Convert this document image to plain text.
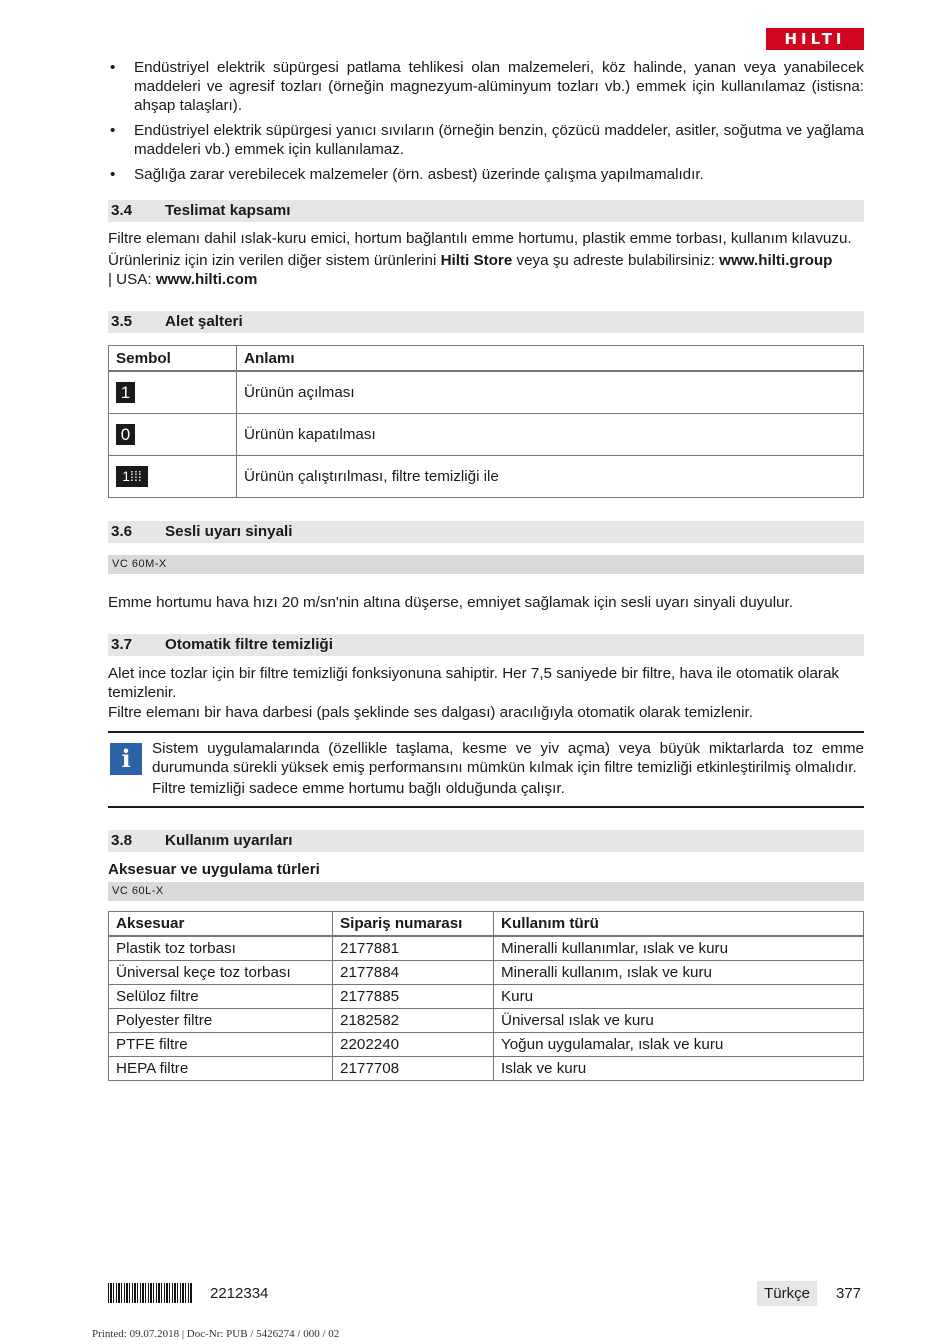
HILTI
• Endüstriyel elektrik süpürgesi patlama tehlikesi olan malzemeleri, köz halinde, yanan veya yanabilecek maddeleri ve agresif tozları (örneğin magnezyum-alüminyum tozları vb.) emmek için kullanılamaz (istisna: ahşap talaşları).
• Endüstriyel elektrik süpürgesi yanıcı sıvıların (örneğin benzin, çözücü maddeler, asitler, soğutma ve yağlama maddeleri vb.) emmek için kullanılamaz.
• Sağlığa zarar verebilecek malzemeler (örn. asbest) üzerinde çalışma yapılmamalıdır.
3.4 Teslimat kapsamı

Filtre elemanı dahil ıslak-kuru emici, hortum bağlantılı emme hortumu, plastik emme torbası, kullanım kılavuzu.

Ürünleriniz için izin verilen diğer sistem ürünlerini Hilti Store veya şu adreste bulabilirsiniz: www.hilti.group
| USA: www.hilti.com

3.5 Alet şalteri
Sembol	Anlamı
1	Ürünün açılması
0	Ürünün kapatılması
1⁞⁞⁞	Ürünün çalıştırılması, filtre temizliği ile
3.6 Sesli uyarı sinyali
VC 60M-X

Emme hortumu hava hızı 20 m/sn'nin altına düşerse, emniyet sağlamak için sesli uyarı sinyali duyulur.

3.7 Otomatik filtre temizliği

Alet ince tozlar için bir filtre temizliği fonksiyonuna sahiptir. Her 7,5 saniyede bir filtre, hava ile otomatik olarak temizlenir.

Filtre elemanı bir hava darbesi (pals şeklinde ses dalgası) aracılığıyla otomatik olarak temizlenir.

i	Sistem uygulamalarında (özellikle taşlama, kesme ve yiv açma) veya büyük miktarlarda toz emme durumunda sürekli yüksek emiş performansını mümkün kılmak için filtre temizliği etkinleştirilmiş olmalıdır.

Filtre temizliği sadece emme hortumu bağlı olduğunda çalışır.

3.8 Kullanım uyarıları

Aksesuar ve uygulama türleri

VC 60L-X
Aksesuar	Sipariş numarası	Kullanım türü
Plastik toz torbası	2177881	Mineralli kullanımlar, ıslak ve kuru
Üniversal keçe toz torbası	2177884	Mineralli kullanım, ıslak ve kuru
Selüloz filtre	2177885	Kuru
Polyester filtre	2182582	Üniversal ıslak ve kuru
PTFE filtre	2202240	Yoğun uygulamalar, ıslak ve kuru
HEPA filtre	2177708	Islak ve kuru
2212334	Türkçe	377
Printed: 09.07.2018 | Doc-Nr: PUB / 5426274 / 000 / 02
